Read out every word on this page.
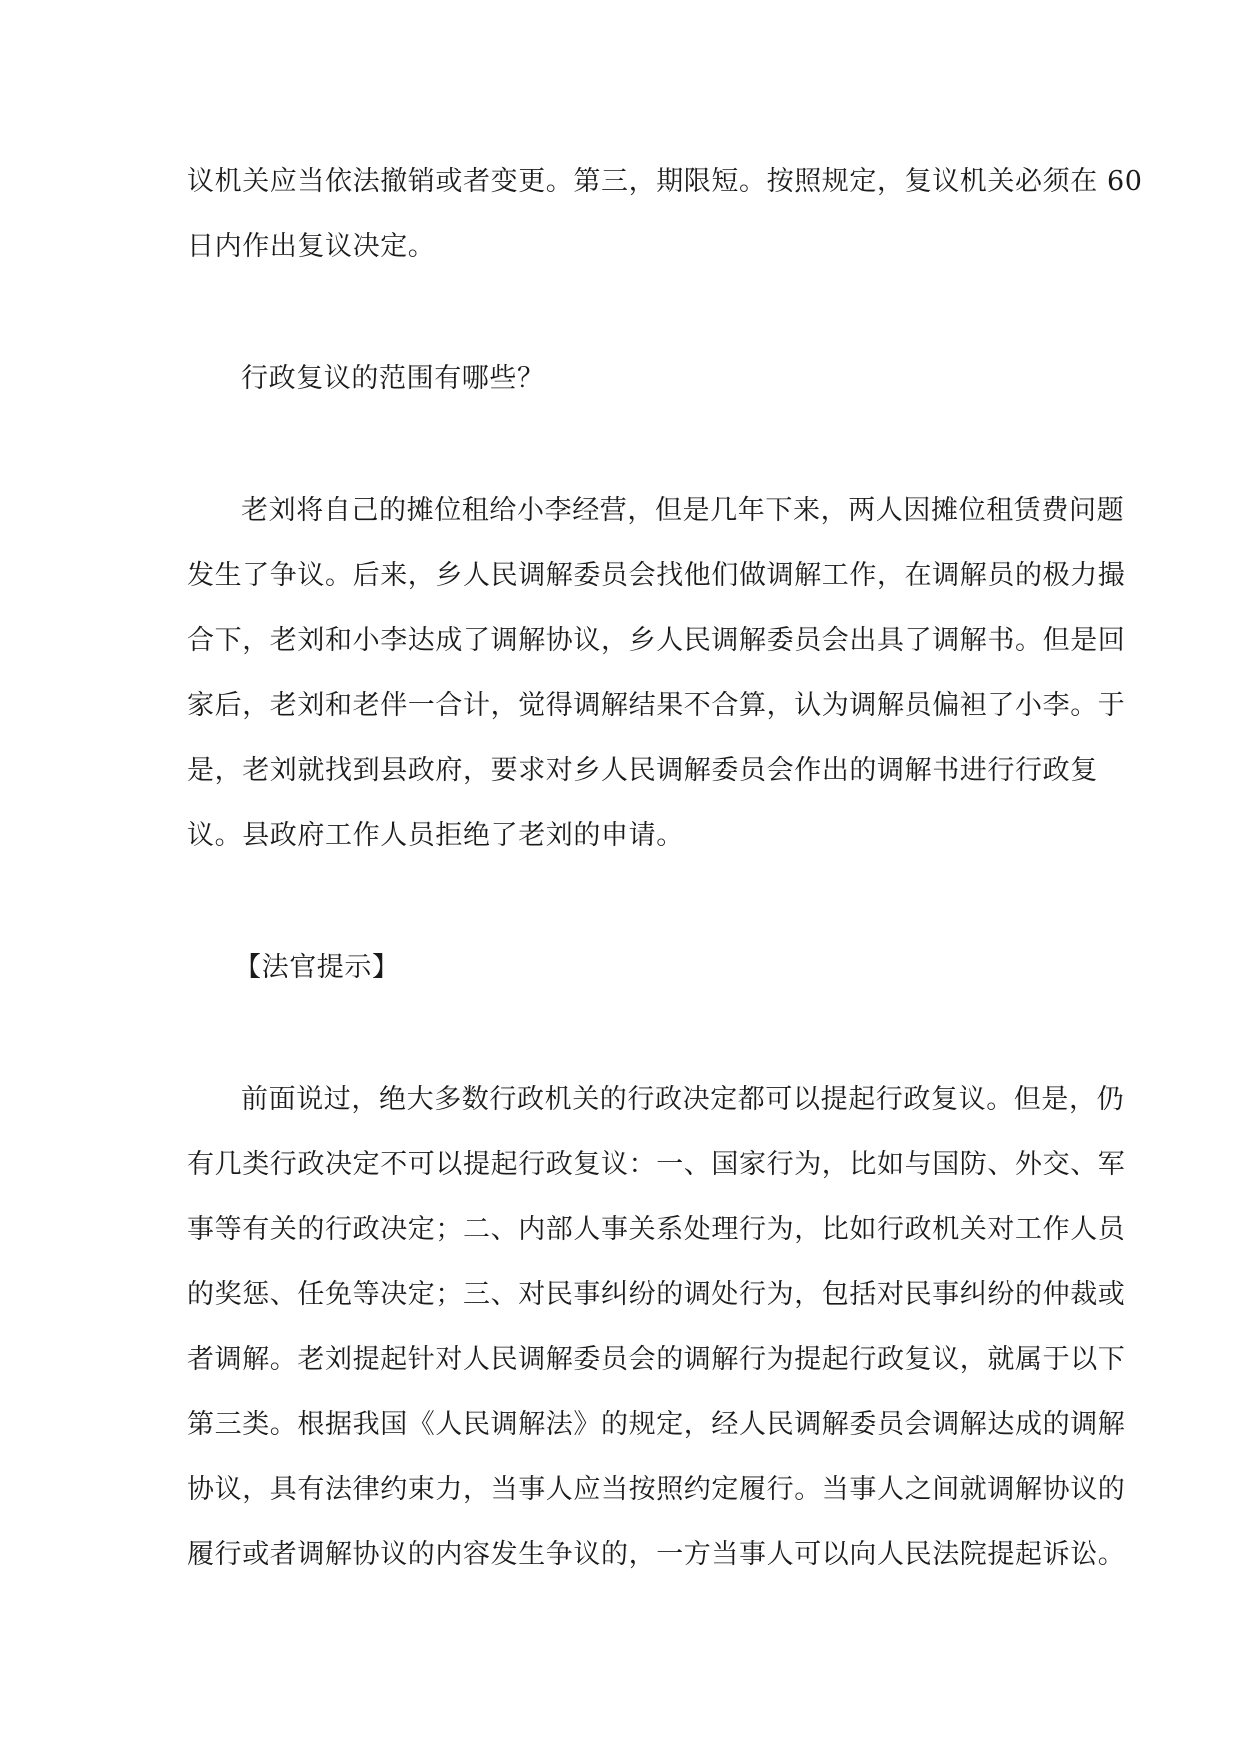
议机关应当依法撤销或者变更。第三，期限短。按照规定，复议机关必须在 60
日内作出复议决定。
行政复议的范围有哪些？
老刘将自己的摊位租给小李经营，但是几年下来，两人因摊位租赁费问题
发生了争议。后来，乡人民调解委员会找他们做调解工作，在调解员的极力撮
合下，老刘和小李达成了调解协议，乡人民调解委员会出具了调解书。但是回
家后，老刘和老伴一合计，觉得调解结果不合算，认为调解员偏袒了小李。于
是，老刘就找到县政府，要求对乡人民调解委员会作出的调解书进行行政复
议。县政府工作人员拒绝了老刘的申请。
【法官提示】
前面说过，绝大多数行政机关的行政决定都可以提起行政复议。但是，仍
有几类行政决定不可以提起行政复议：一、国家行为，比如与国防、外交、军
事等有关的行政决定；二、内部人事关系处理行为，比如行政机关对工作人员
的奖惩、任免等决定；三、对民事纠纷的调处行为，包括对民事纠纷的仲裁或
者调解。老刘提起针对人民调解委员会的调解行为提起行政复议，就属于以下
第三类。根据我国《人民调解法》的规定，经人民调解委员会调解达成的调解
协议，具有法律约束力，当事人应当按照约定履行。当事人之间就调解协议的
履行或者调解协议的内容发生争议的，一方当事人可以向人民法院提起诉讼。
